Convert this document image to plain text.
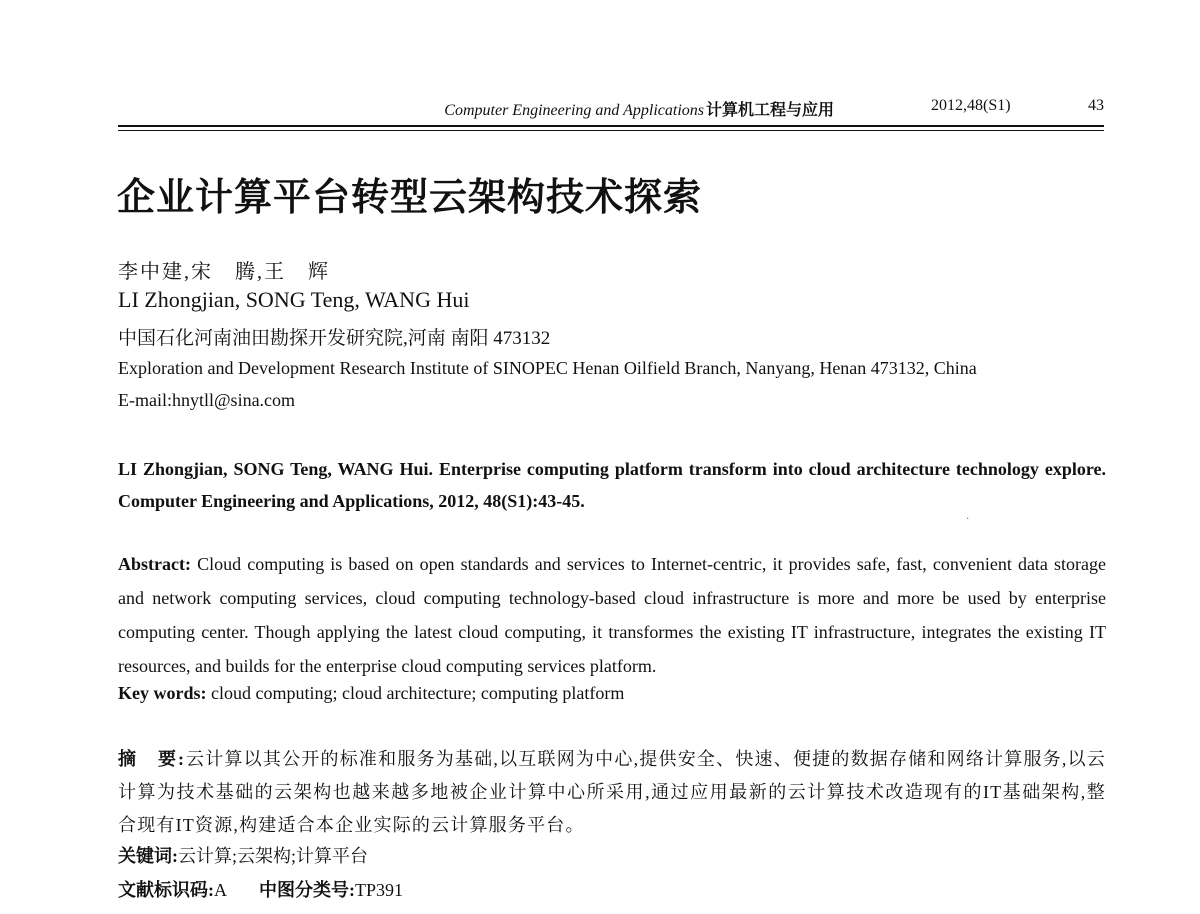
Computer Engineering and Applications 计算机工程与应用	2012,48(S1)	43
企业计算平台转型云架构技术探索
李中建,宋　腾,王　辉
LI Zhongjian, SONG Teng, WANG Hui
中国石化河南油田勘探开发研究院,河南 南阳 473132
Exploration and Development Research Institute of SINOPEC Henan Oilfield Branch, Nanyang, Henan 473132, China
E-mail:hnytll@sina.com
LI Zhongjian, SONG Teng, WANG Hui. Enterprise computing platform transform into cloud architecture technology explore. Computer Engineering and Applications, 2012, 48(S1):43-45.
·
Abstract: Cloud computing is based on open standards and services to Internet-centric, it provides safe, fast, convenient data storage and network computing services, cloud computing technology-based cloud infrastructure is more and more be used by enterprise computing center. Though applying the latest cloud computing, it transformes the existing IT infrastructure, integrates the existing IT resources, and builds for the enterprise cloud computing services platform.
Key words: cloud computing; cloud architecture; computing platform
摘　要:云计算以其公开的标准和服务为基础,以互联网为中心,提供安全、快速、便捷的数据存储和网络计算服务,以云计算为技术基础的云架构也越来越多地被企业计算中心所采用,通过应用最新的云计算技术改造现有的IT基础架构,整合现有IT资源,构建适合本企业实际的云计算服务平台。
关键词:云计算;云架构;计算平台
文献标识码:A 中图分类号:TP391
